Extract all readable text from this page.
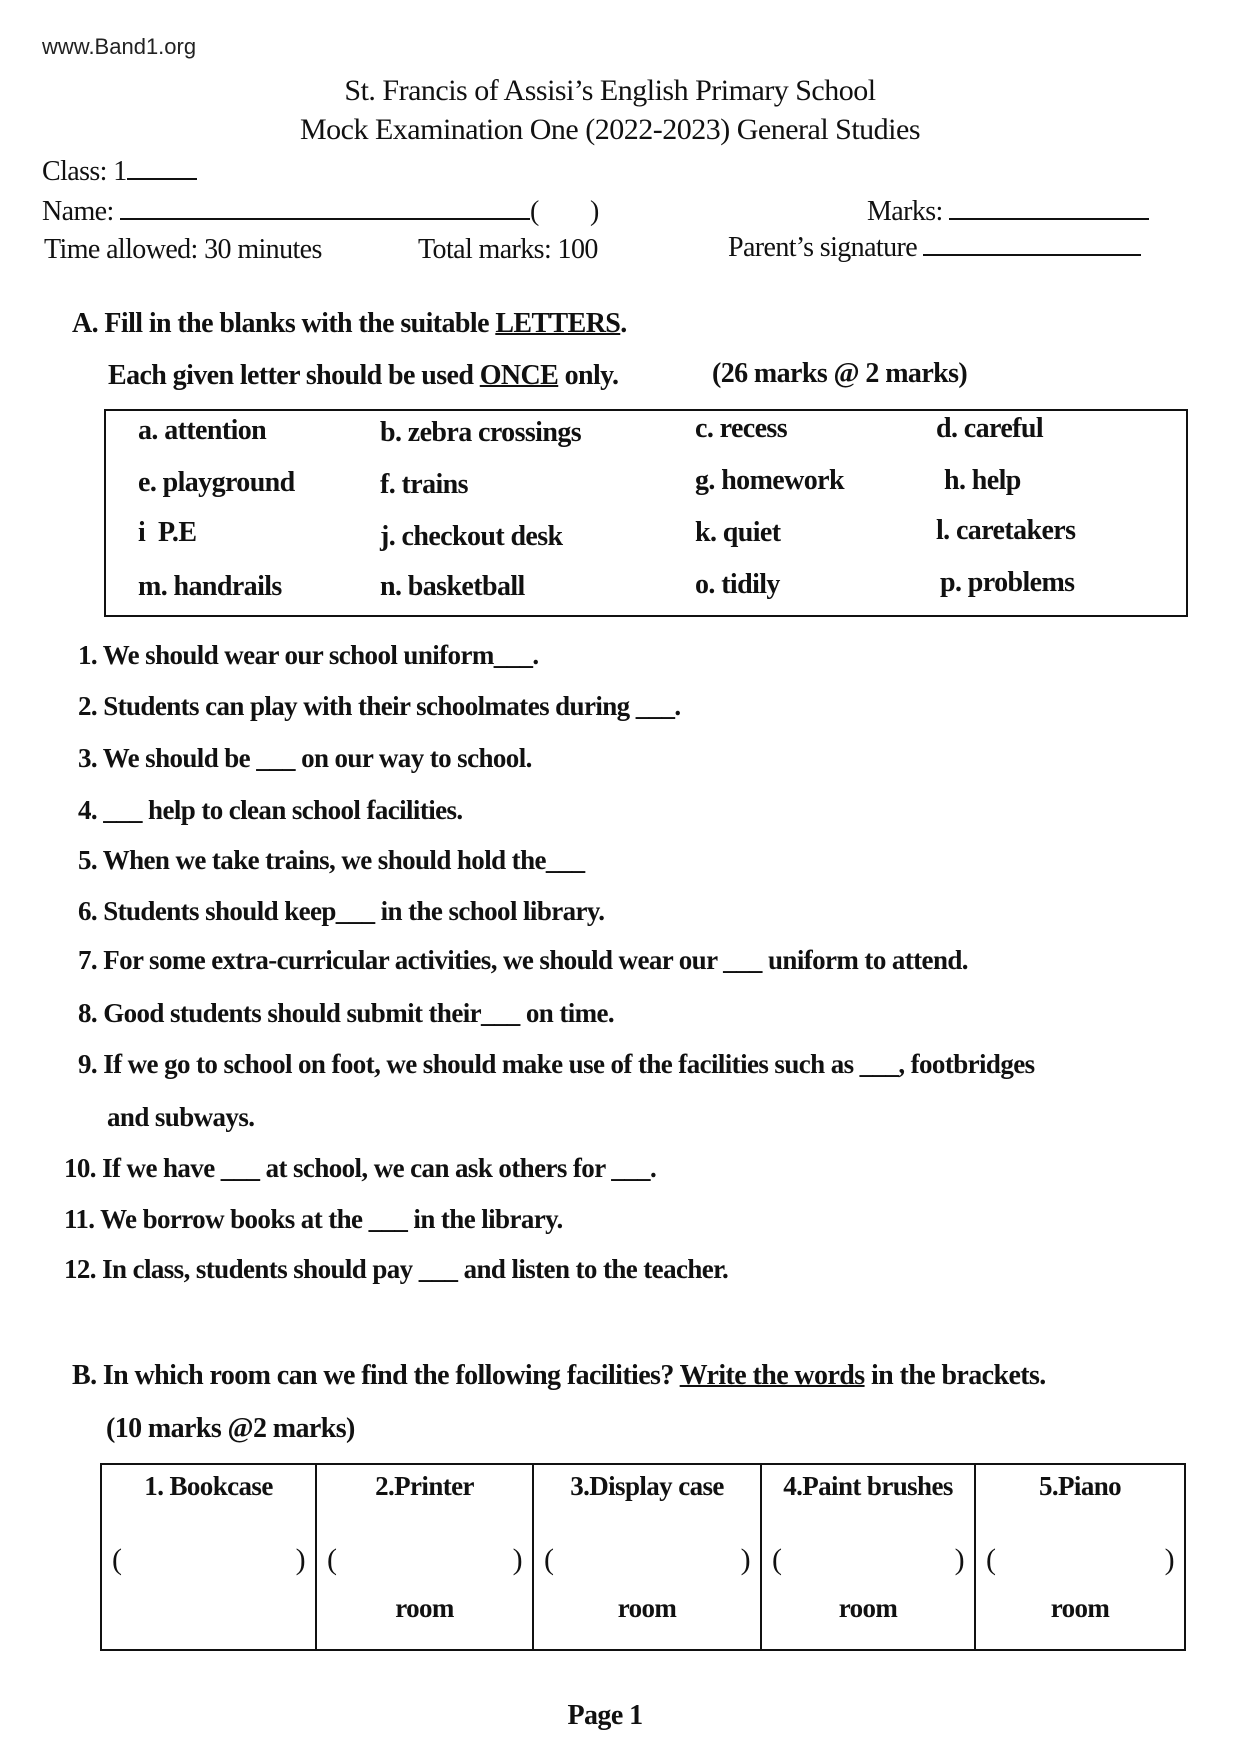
www.Band1.org
St. Francis of Assisi’s English Primary School
Mock Examination One (2022-2023) General Studies
Class: 1
Name:	(        )	Marks:
Time allowed: 30 minutes	Total marks: 100	Parent’s signature
A. Fill in the blanks with the suitable LETTERS.
Each given letter should be used ONCE only.	(26 marks @ 2 marks)
a. attention	b. zebra crossings	c. recess	d. careful
e. playground	f. trains	g. homework	h. help
i  P.E	j. checkout desk	k. quiet	l. caretakers
m. handrails	n. basketball	o. tidily	p. problems
1. We should wear our school uniform___.
2. Students can play with their schoolmates during ___.
3. We should be ___ on our way to school.
4. ___ help to clean school facilities.
5. When we take trains, we should hold the___
6. Students should keep___ in the school library.
7. For some extra-curricular activities, we should wear our ___ uniform to attend.
8. Good students should submit their___ on time.
9. If we go to school on foot, we should make use of the facilities such as ___, footbridges
and subways.
10. If we have ___ at school, we can ask others for ___.
11. We borrow books at the ___ in the library.
12. In class, students should pay ___ and listen to the teacher.
B. In which room can we find the following facilities? Write the words in the brackets.
(10 marks @2 marks)
1. Bookcase
(	)

2.Printer
(	)
room

3.Display case
(	)
room

4.Paint brushes
(	)
room

5.Piano
(	)
room
Page 1
